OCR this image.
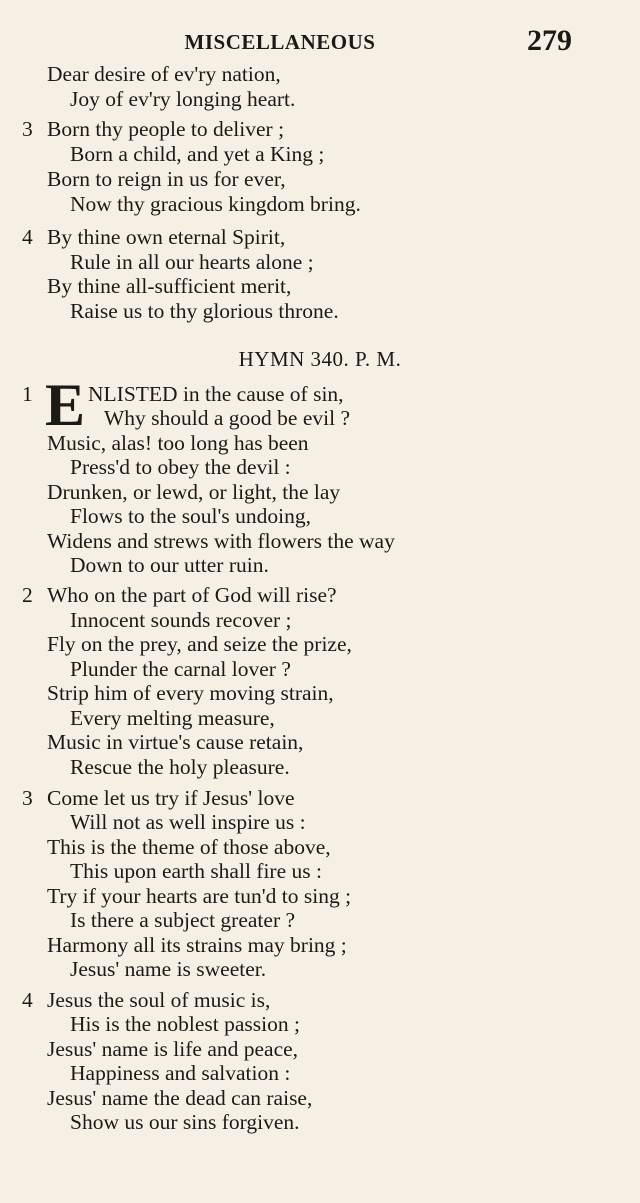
MISCELLANEOUS	279
Dear desire of ev'ry nation,
Joy of ev'ry longing heart.
3 Born thy people to deliver ;
Born a child, and yet a King ;
Born to reign in us for ever,
Now thy gracious kingdom bring.
4 By thine own eternal Spirit,
Rule in all our hearts alone ;
By thine all-sufficient merit,
Raise us to thy glorious throne.
HYMN 340. P. M.
1 E NLISTED in the cause of sin,
Why should a good be evil ?
Music, alas! too long has been
Press'd to obey the devil :
Drunken, or lewd, or light, the lay
Flows to the soul's undoing,
Widens and strews with flowers the way
Down to our utter ruin.
2 Who on the part of God will rise?
Innocent sounds recover ;
Fly on the prey, and seize the prize,
Plunder the carnal lover ?
Strip him of every moving strain,
Every melting measure,
Music in virtue's cause retain,
Rescue the holy pleasure.
3 Come let us try if Jesus' love
Will not as well inspire us :
This is the theme of those above,
This upon earth shall fire us :
Try if your hearts are tun'd to sing ;
Is there a subject greater ?
Harmony all its strains may bring ;
Jesus' name is sweeter.
4 Jesus the soul of music is,
His is the noblest passion ;
Jesus' name is life and peace,
Happiness and salvation :
Jesus' name the dead can raise,
Show us our sins forgiven.
